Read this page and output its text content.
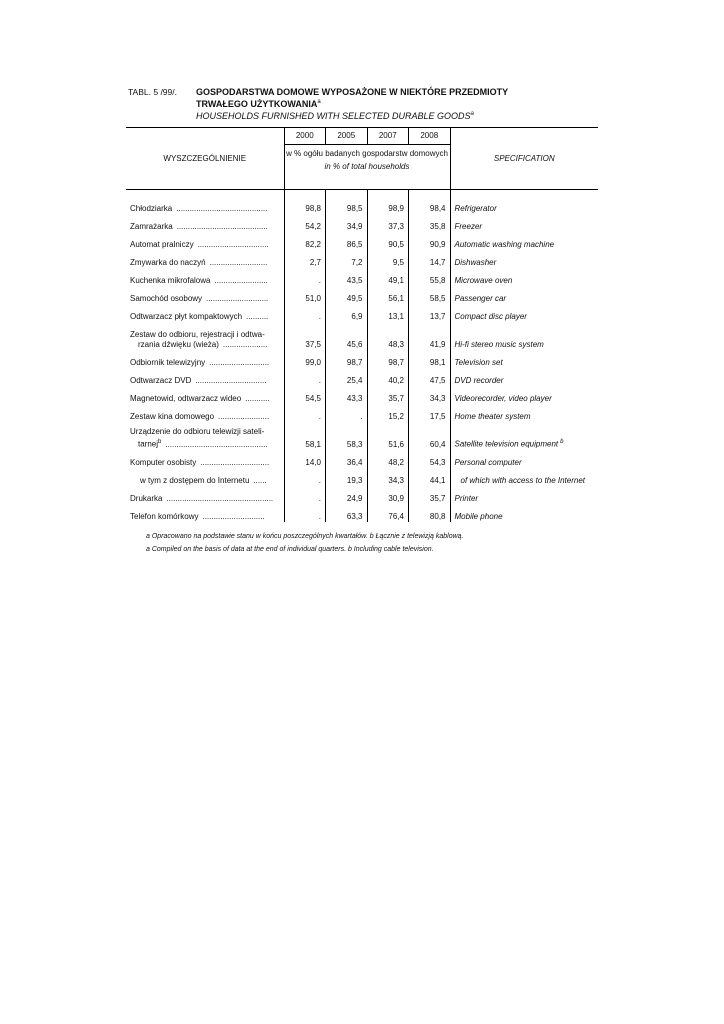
TABL. 5 /99/. GOSPODARSTWA DOMOWE WYPOSAŻONE W NIEKTÓRE PRZEDMIOTY TRWAŁEGO UŻYTKOWANIA$^a$
HOUSEHOLDS FURNISHED WITH SELECTED DURABLE GOODS$^a$
WYSZCZEGÓLNIENIE	2000	2005	2007	2008	SPECIFICATION
	w % ogółu badanych gospodarstw domowych
in % of total households				

Chłodziarka .........................................	98,8	98,5	98,9	98,4	Refrigerator
Zamrażarka .........................................	54,2	34,9	37,3	35,8	Freezer
Automat pralniczy ................................	82,2	86,5	90,5	90,9	Automatic washing machine
Zmywarka do naczyń ..........................	2,7	7,2	9,5	14,7	Dishwasher
Kuchenka mikrofalowa ........................	.	43,5	49,1	55,8	Microwave oven
Samochód osobowy ............................	51,0	49,5	56,1	58,5	Passenger car
Odtwarzacz płyt kompaktowych ..........	.	6,9	13,1	13,7	Compact disc player

Zestaw do odbioru, rejestracji i odtwa-
rzania dźwięku (wieża) ....................	37,5	45,6	48,3	41,9	Hi-fi stereo music system
Odbiornik telewizyjny ...........................	99,0	98,7	98,7	98,1	Television set
Odtwarzacz DVD ................................	.	25,4	40,2	47,5	DVD recorder
Magnetowid, odtwarzacz wideo ...........	54,5	43,3	35,7	34,3	Videorecorder, video player
Zestaw kina domowego .......................	.	.	15,2	17,5	Home theater system

Urządzenie do odbioru telewizji sateli-
tarnej$^b$ ..............................................	58,1	58,3	51,6	60,4	Satellite television equipment $^b$
Komputer osobisty ...............................	14,0	36,4	48,2	54,3	Personal computer
w tym z dostępem do Internetu ......	.	19,3	34,3	44,1	of which with access to the Internet
Drukarka ................................................	.	24,9	30,9	35,7	Printer
Telefon komórkowy ............................	.	63,3	76,4	80,8	Mobile phone
a Opracowano na podstawie stanu w końcu poszczególnych kwartałów. b Łącznie z telewizją kablową.
a Compiled on the basis of data at the end of individual quarters. b Including cable television.
